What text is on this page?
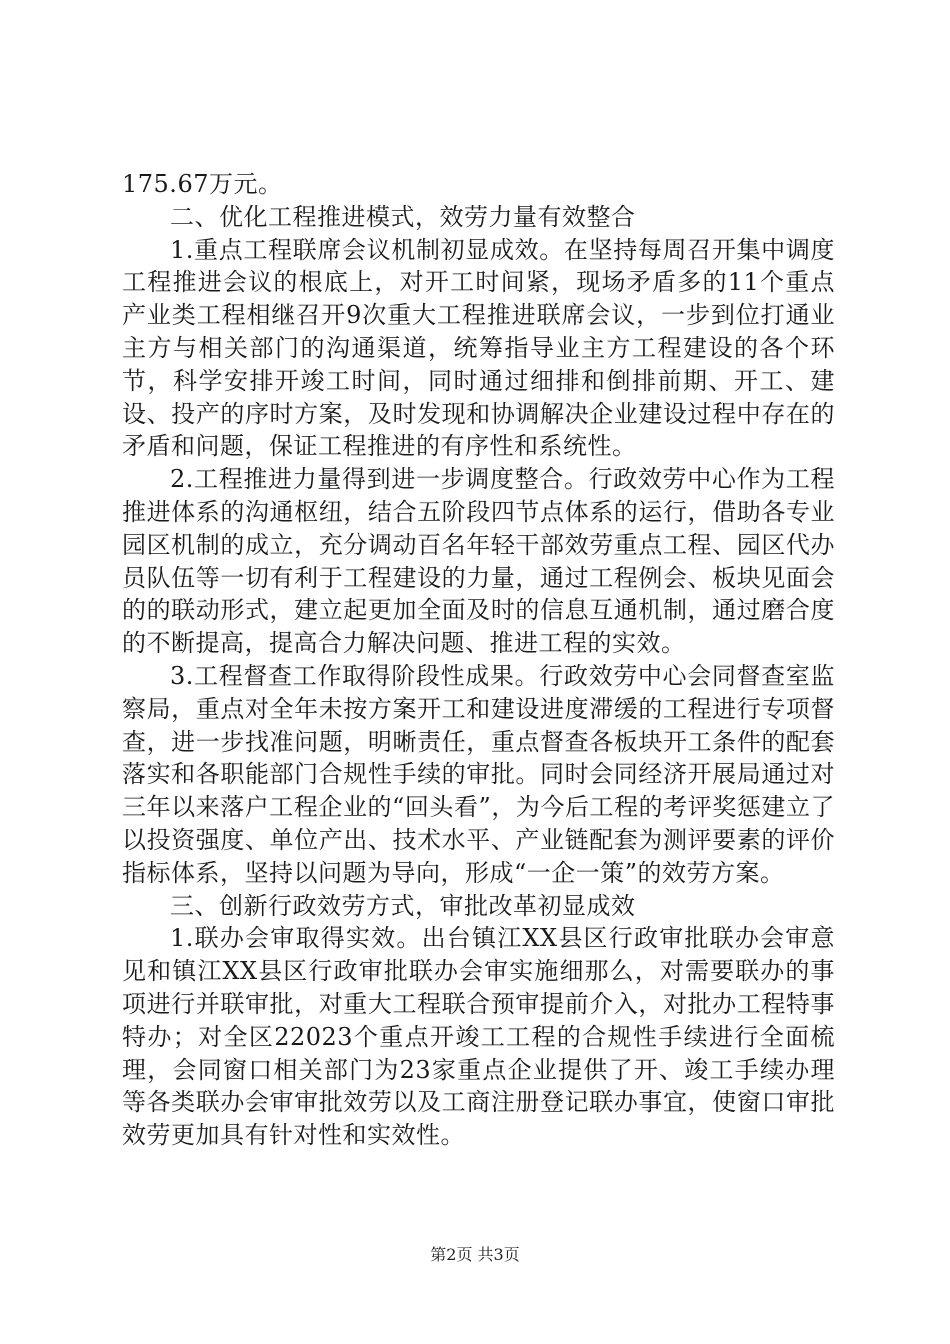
175.67万元。

二、优化工程推进模式，效劳力量有效整合

1.重点工程联席会议机制初显成效。在坚持每周召开集中调度工程推进会议的根底上，对开工时间紧，现场矛盾多的11个重点产业类工程相继召开9次重大工程推进联席会议，一步到位打通业主方与相关部门的沟通渠道，统筹指导业主方工程建设的各个环节，科学安排开竣工时间，同时通过细排和倒排前期、开工、建设、投产的序时方案，及时发现和协调解决企业建设过程中存在的矛盾和问题，保证工程推进的有序性和系统性。

2.工程推进力量得到进一步调度整合。行政效劳中心作为工程推进体系的沟通枢纽，结合五阶段四节点体系的运行，借助各专业园区机制的成立，充分调动百名年轻干部效劳重点工程、园区代办员队伍等一切有利于工程建设的力量，通过工程例会、板块见面会的的联动形式，建立起更加全面及时的信息互通机制，通过磨合度的不断提高，提高合力解决问题、推进工程的实效。

3.工程督查工作取得阶段性成果。行政效劳中心会同督查室监察局，重点对全年未按方案开工和建设进度滞缓的工程进行专项督查，进一步找准问题，明晰责任，重点督查各板块开工条件的配套落实和各职能部门合规性手续的审批。同时会同经济开展局通过对三年以来落户工程企业的“回头看”，为今后工程的考评奖惩建立了以投资强度、单位产出、技术水平、产业链配套为测评要素的评价指标体系，坚持以问题为导向，形成“一企一策”的效劳方案。

三、创新行政效劳方式，审批改革初显成效

1.联办会审取得实效。出台镇江XX县区行政审批联办会审意见和镇江XX县区行政审批联办会审实施细那么，对需要联办的事项进行并联审批，对重大工程联合预审提前介入，对批办工程特事特办；对全区22023个重点开竣工工程的合规性手续进行全面梳理，会同窗口相关部门为23家重点企业提供了开、竣工手续办理等各类联办会审审批效劳以及工商注册登记联办事宜，使窗口审批效劳更加具有针对性和实效性。

第2页 共3页
